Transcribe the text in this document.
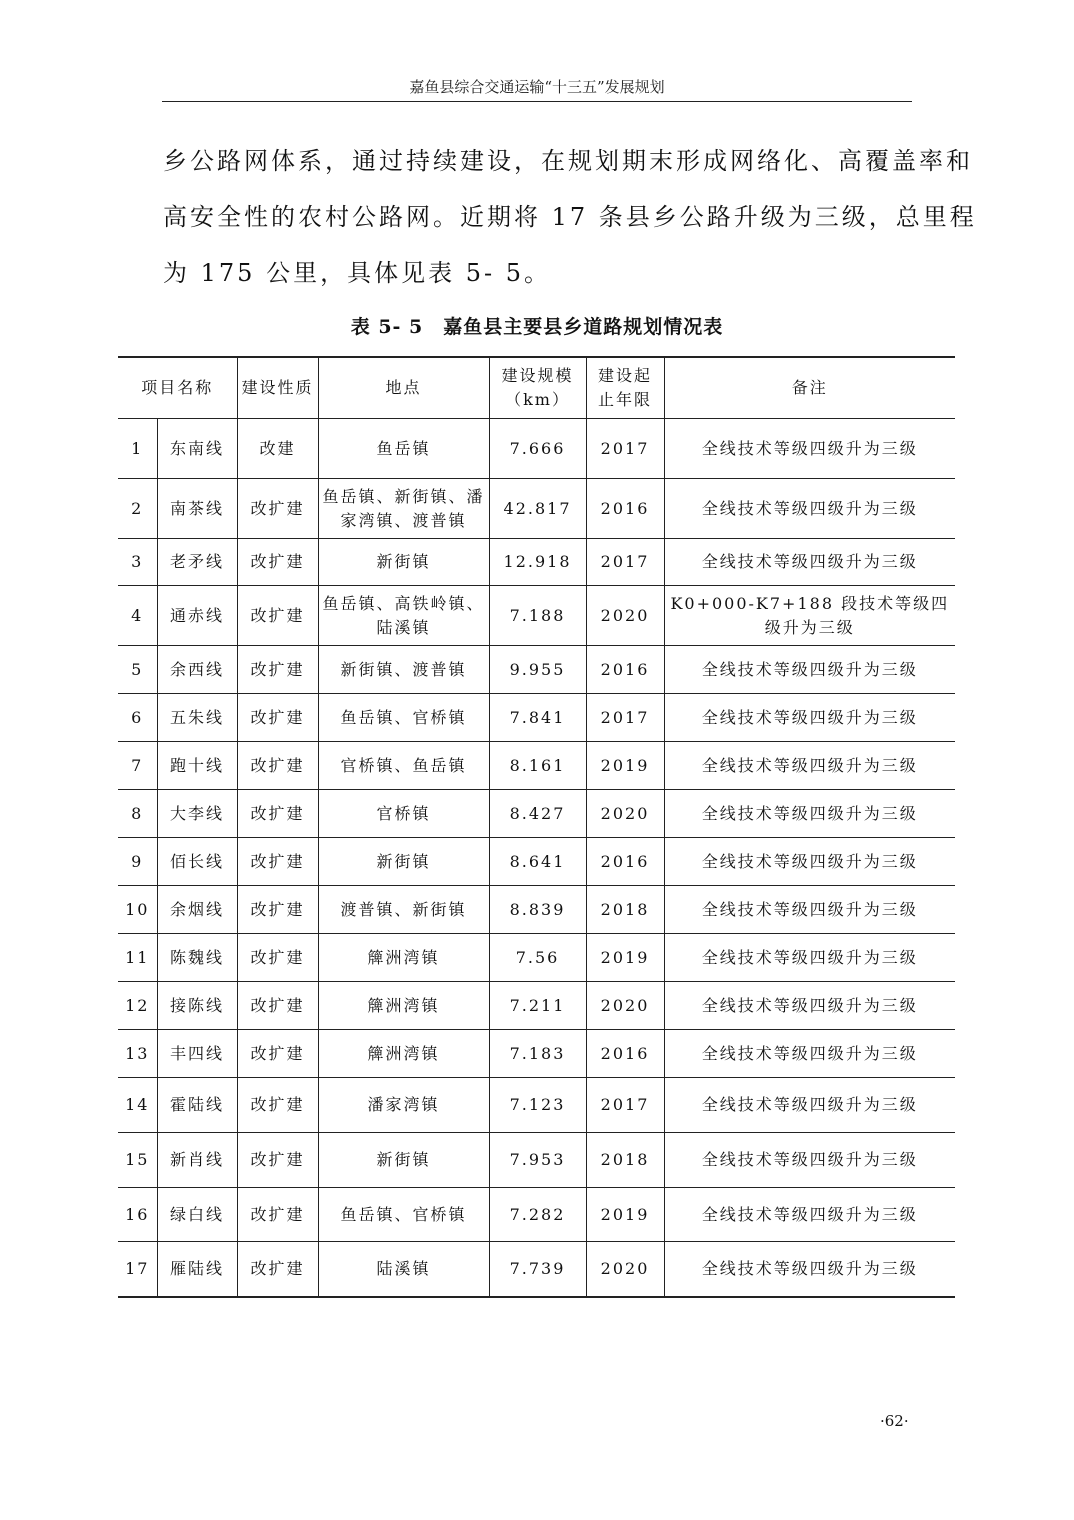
嘉鱼县综合交通运输“十三五”发展规划

乡公路网体系，通过持续建设，在规划期末形成网络化、高覆盖率和

高安全性的农村公路网。近期将 17 条县乡公路升级为三级，总里程

为 175 公里，具体见表 5- 5。

表 5- 5　嘉鱼县主要县乡道路规划情况表
项目名称		建设性质	地点	建设规模（km）	建设起止年限	备注
1	东南线	改建	鱼岳镇	7.666	2017	全线技术等级四级升为三级
2	南茶线	改扩建	鱼岳镇、新街镇、潘家湾镇、渡普镇	42.817	2016	全线技术等级四级升为三级
3	老矛线	改扩建	新街镇	12.918	2017	全线技术等级四级升为三级
4	通赤线	改扩建	鱼岳镇、高铁岭镇、陆溪镇	7.188	2020	K0+000-K7+188 段技术等级四级升为三级
5	余西线	改扩建	新街镇、渡普镇	9.955	2016	全线技术等级四级升为三级
6	五朱线	改扩建	鱼岳镇、官桥镇	7.841	2017	全线技术等级四级升为三级
7	跑十线	改扩建	官桥镇、鱼岳镇	8.161	2019	全线技术等级四级升为三级
8	大李线	改扩建	官桥镇	8.427	2020	全线技术等级四级升为三级
9	佰长线	改扩建	新街镇	8.641	2016	全线技术等级四级升为三级
10	余烟线	改扩建	渡普镇、新街镇	8.839	2018	全线技术等级四级升为三级
11	陈魏线	改扩建	簰洲湾镇	7.56	2019	全线技术等级四级升为三级
12	接陈线	改扩建	簰洲湾镇	7.211	2020	全线技术等级四级升为三级
13	丰四线	改扩建	簰洲湾镇	7.183	2016	全线技术等级四级升为三级
14	霍陆线	改扩建	潘家湾镇	7.123	2017	全线技术等级四级升为三级
15	新肖线	改扩建	新街镇	7.953	2018	全线技术等级四级升为三级
16	绿白线	改扩建	鱼岳镇、官桥镇	7.282	2019	全线技术等级四级升为三级
17	雁陆线	改扩建	陆溪镇	7.739	2020	全线技术等级四级升为三级
·62·
